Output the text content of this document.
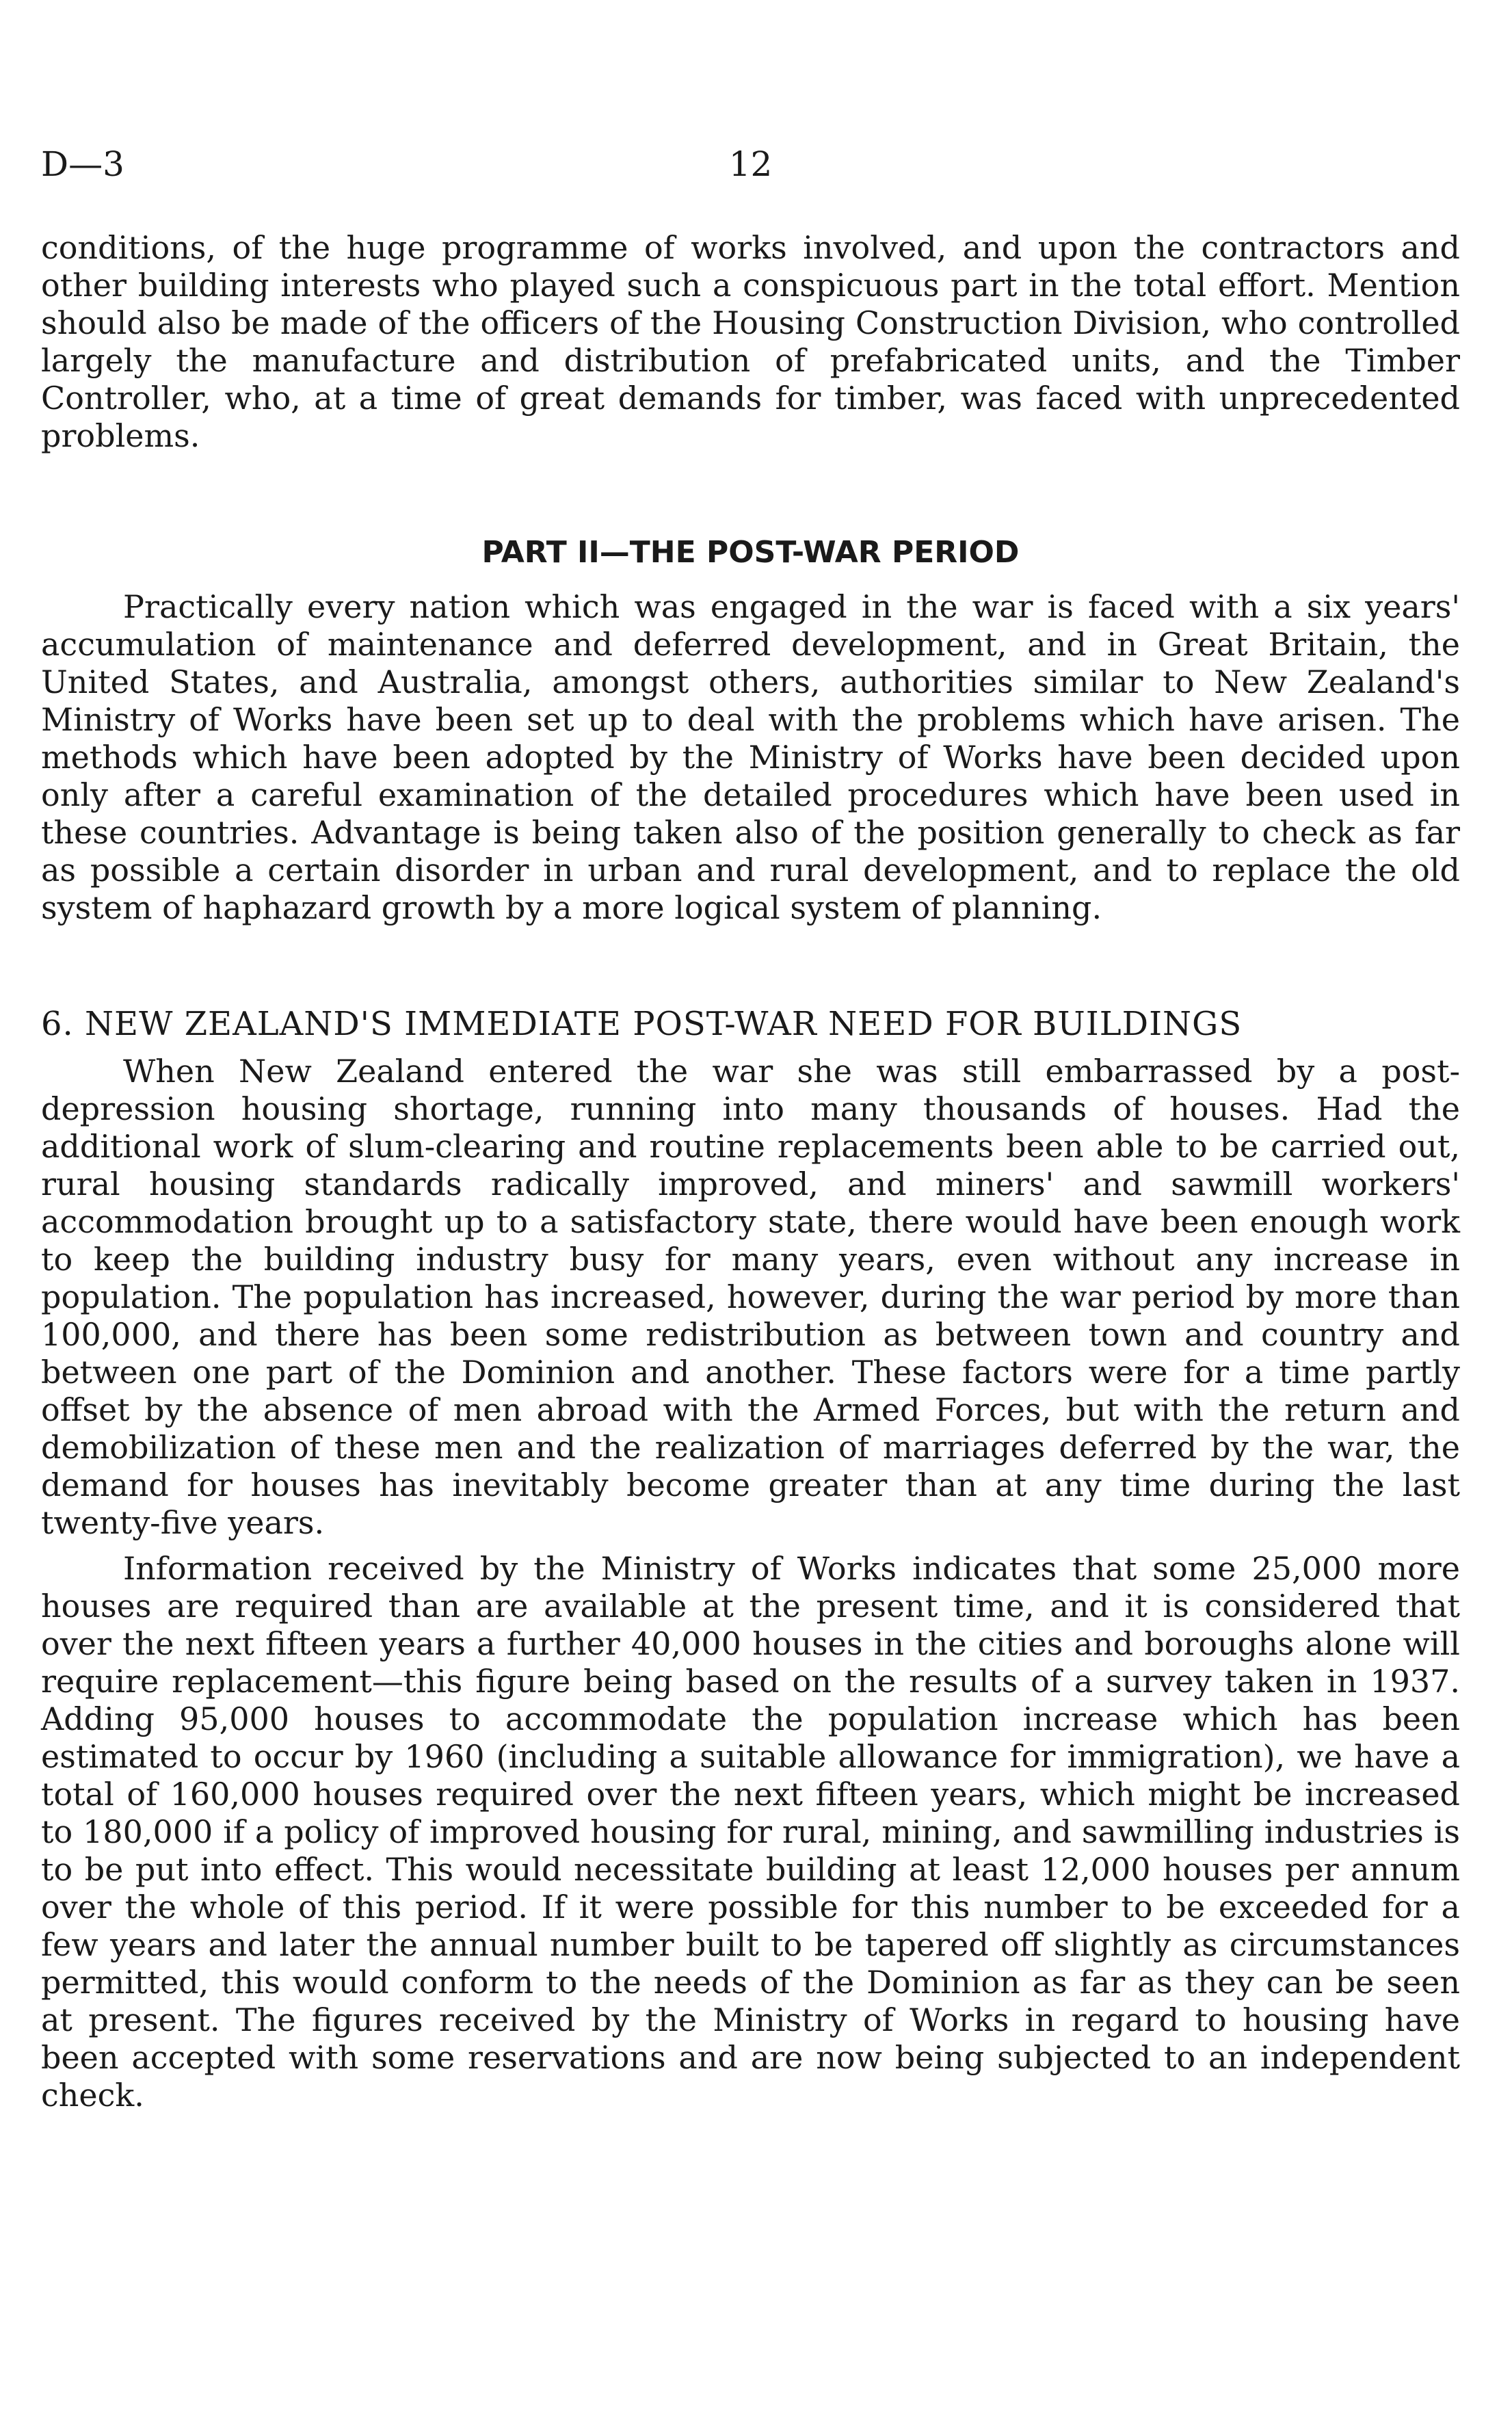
D—3	12

conditions, of the huge programme of works involved, and upon the contractors and other building interests who played such a conspicuous part in the total effort. Mention should also be made of the officers of the Housing Construction Division, who controlled largely the manufacture and distribution of prefabricated units, and the Timber Controller, who, at a time of great demands for timber, was faced with unprecedented problems.

PART II—THE POST-WAR PERIOD

Practically every nation which was engaged in the war is faced with a six years' accumulation of maintenance and deferred development, and in Great Britain, the United States, and Australia, amongst others, authorities similar to New Zealand's Ministry of Works have been set up to deal with the problems which have arisen. The methods which have been adopted by the Ministry of Works have been decided upon only after a careful examination of the detailed procedures which have been used in these countries. Advantage is being taken also of the position generally to check as far as possible a certain disorder in urban and rural development, and to replace the old system of haphazard growth by a more logical system of planning.

6. NEW ZEALAND'S IMMEDIATE POST-WAR NEED FOR BUILDINGS

When New Zealand entered the war she was still embarrassed by a post-depression housing shortage, running into many thousands of houses. Had the additional work of slum-clearing and routine replacements been able to be carried out, rural housing standards radically improved, and miners' and sawmill workers' accommodation brought up to a satisfactory state, there would have been enough work to keep the building industry busy for many years, even without any increase in population. The population has increased, however, during the war period by more than 100,000, and there has been some redistribution as between town and country and between one part of the Dominion and another. These factors were for a time partly offset by the absence of men abroad with the Armed Forces, but with the return and demobilization of these men and the realization of marriages deferred by the war, the demand for houses has inevitably become greater than at any time during the last twenty-five years.

Information received by the Ministry of Works indicates that some 25,000 more houses are required than are available at the present time, and it is considered that over the next fifteen years a further 40,000 houses in the cities and boroughs alone will require replacement—this figure being based on the results of a survey taken in 1937. Adding 95,000 houses to accommodate the population increase which has been estimated to occur by 1960 (including a suitable allowance for immigration), we have a total of 160,000 houses required over the next fifteen years, which might be increased to 180,000 if a policy of improved housing for rural, mining, and sawmilling industries is to be put into effect. This would necessitate building at least 12,000 houses per annum over the whole of this period. If it were possible for this number to be exceeded for a few years and later the annual number built to be tapered off slightly as circumstances permitted, this would conform to the needs of the Dominion as far as they can be seen at present. The figures received by the Ministry of Works in regard to housing have been accepted with some reservations and are now being subjected to an independent check.
